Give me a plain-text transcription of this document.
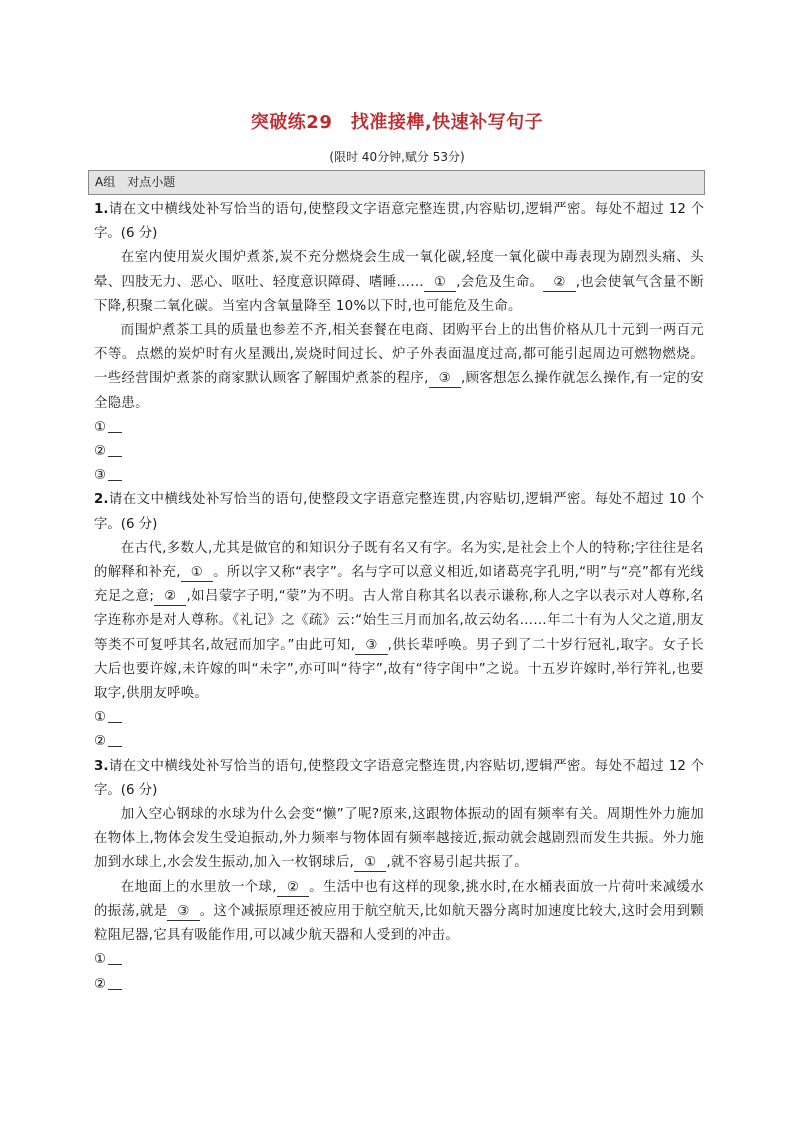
突破练29　找准接榫,快速补写句子
(限时 40分钟,赋分 53分)
A组　对点小题

1.请在文中横线处补写恰当的语句,使整段文字语意完整连贯,内容贴切,逻辑严密。每处不超过 12 个字。(6 分)

在室内使用炭火围炉煮茶,炭不充分燃烧会生成一氧化碳,轻度一氧化碳中毒表现为剧烈头痛、头晕、四肢无力、恶心、呕吐、轻度意识障碍、嗜睡…… ① ,会危及生命。 ② ,也会使氧气含量不断下降,积聚二氧化碳。当室内含氧量降至 10%以下时,也可能危及生命。

而围炉煮茶工具的质量也参差不齐,相关套餐在电商、团购平台上的出售价格从几十元到一两百元不等。点燃的炭炉时有火星溅出,炭烧时间过长、炉子外表面温度过高,都可能引起周边可燃物燃烧。一些经营围炉煮茶的商家默认顾客了解围炉煮茶的程序, ③ ,顾客想怎么操作就怎么操作,有一定的安全隐患。

①

②

③

2.请在文中横线处补写恰当的语句,使整段文字语意完整连贯,内容贴切,逻辑严密。每处不超过 10 个字。(6 分)

在古代,多数人,尤其是做官的和知识分子既有名又有字。名为实,是社会上个人的特称;字往往是名的解释和补充, ① 。所以字又称“表字”。名与字可以意义相近,如诸葛亮字孔明,“明”与“亮”都有光线充足之意; ② ,如吕蒙字子明,“蒙”为不明。古人常自称其名以表示谦称,称人之字以表示对人尊称,名字连称亦是对人尊称。《礼记》之《疏》云:“始生三月而加名,故云幼名……年二十有为人父之道,朋友等类不可复呼其名,故冠而加字。”由此可知, ③ ,供长辈呼唤。男子到了二十岁行冠礼,取字。女子长大后也要许嫁,未许嫁的叫“未字”,亦可叫“待字”,故有“待字闺中”之说。十五岁许嫁时,举行笄礼,也要取字,供朋友呼唤。

①

②

3.请在文中横线处补写恰当的语句,使整段文字语意完整连贯,内容贴切,逻辑严密。每处不超过 12 个字。(6 分)

加入空心钢球的水球为什么会变“懒”了呢?原来,这跟物体振动的固有频率有关。周期性外力施加在物体上,物体会发生受迫振动,外力频率与物体固有频率越接近,振动就会越剧烈而发生共振。外力施加到水球上,水会发生振动,加入一枚钢球后, ① ,就不容易引起共振了。

在地面上的水里放一个球, ② 。生活中也有这样的现象,挑水时,在水桶表面放一片荷叶来减缓水的振荡,就是 ③ 。这个减振原理还被应用于航空航天,比如航天器分离时加速度比较大,这时会用到颗粒阻尼器,它具有吸能作用,可以减少航天器和人受到的冲击。

①

②
